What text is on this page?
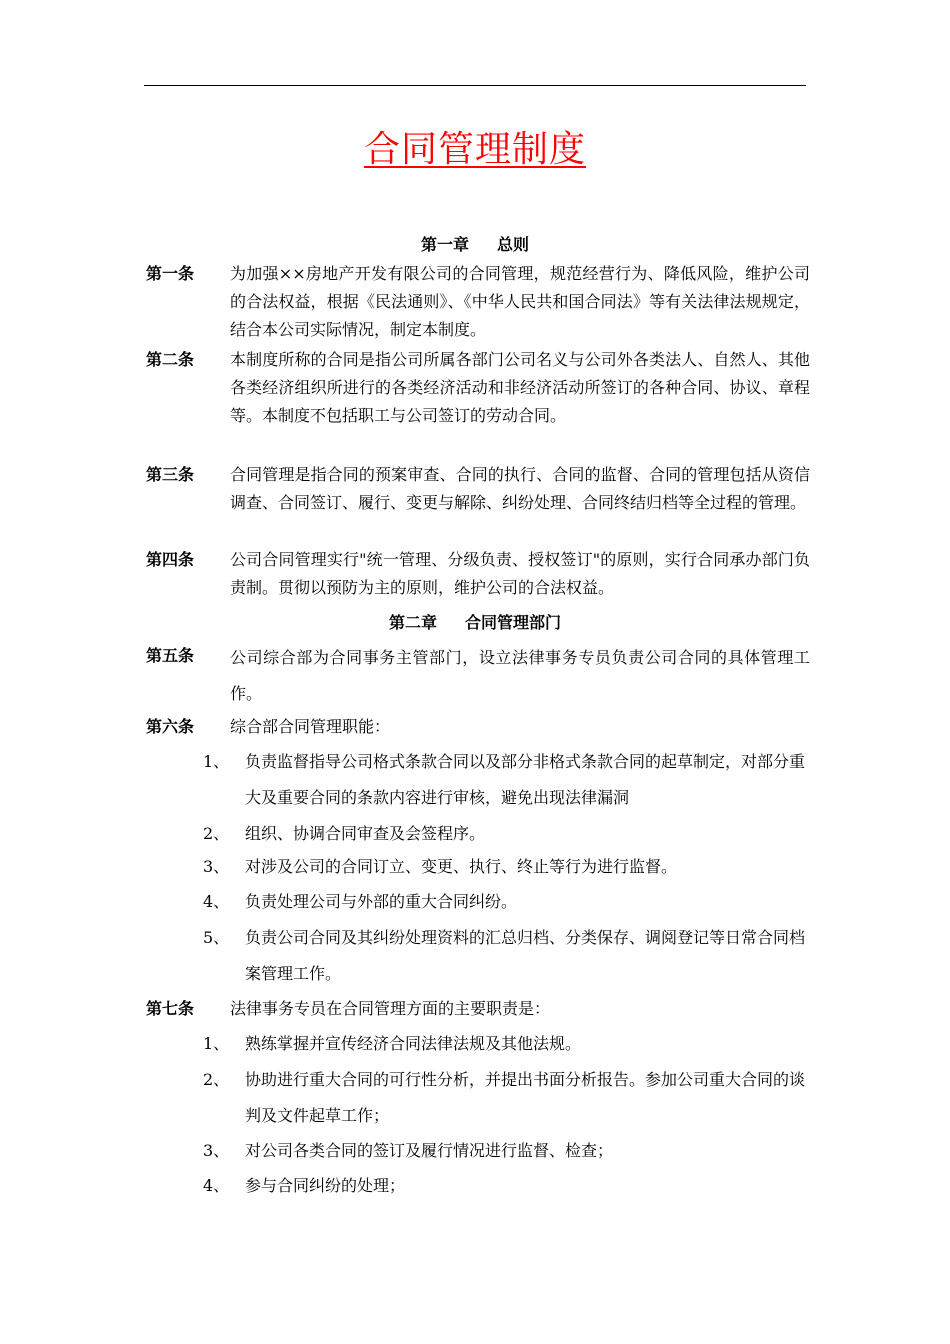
合同管理制度
第一章 总则
第一条 为加强××房地产开发有限公司的合同管理，规范经营行为、降低风险，维护公司的合法权益，根据《民法通则》、《中华人民共和国合同法》等有关法律法规规定，结合本公司实际情况，制定本制度。
第二条 本制度所称的合同是指公司所属各部门公司名义与公司外各类法人、自然人、其他各类经济组织所进行的各类经济活动和非经济活动所签订的各种合同、协议、章程等。本制度不包括职工与公司签订的劳动合同。
第三条 合同管理是指合同的预案审查、合同的执行、合同的监督、合同的管理包括从资信调查、合同签订、履行、变更与解除、纠纷处理、合同终结归档等全过程的管理。
第四条 公司合同管理实行"统一管理、分级负责、授权签订"的原则，实行合同承办部门负责制。贯彻以预防为主的原则，维护公司的合法权益。
第二章 合同管理部门
第五条 公司综合部为合同事务主管部门，设立法律事务专员负责公司合同的具体管理工作。
第六条 综合部合同管理职能：
1、 负责监督指导公司格式条款合同以及部分非格式条款合同的起草制定，对部分重大及重要合同的条款内容进行审核，避免出现法律漏洞
2、 组织、协调合同审查及会签程序。
3、 对涉及公司的合同订立、变更、执行、终止等行为进行监督。
4、 负责处理公司与外部的重大合同纠纷。
5、 负责公司合同及其纠纷处理资料的汇总归档、分类保存、调阅登记等日常合同档案管理工作。
第七条 法律事务专员在合同管理方面的主要职责是：
1、 熟练掌握并宣传经济合同法律法规及其他法规。
2、 协助进行重大合同的可行性分析，并提出书面分析报告。参加公司重大合同的谈判及文件起草工作；
3、 对公司各类合同的签订及履行情况进行监督、检查；
4、 参与合同纠纷的处理；
